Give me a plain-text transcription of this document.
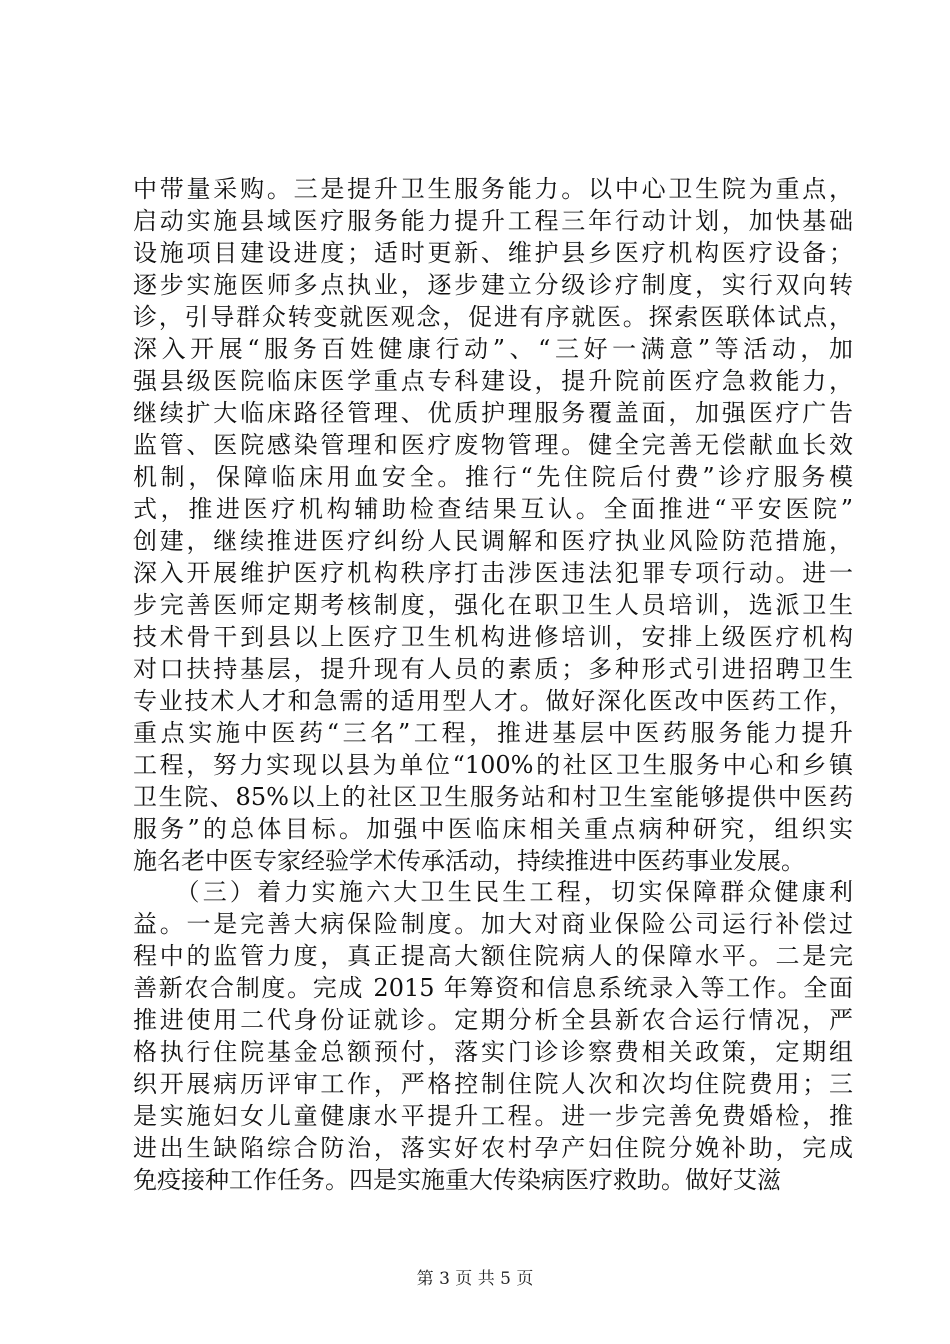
中带量采购。三是提升卫生服务能力。以中心卫生院为重点，
启动实施县域医疗服务能力提升工程三年行动计划，加快基础
设施项目建设进度；适时更新、维护县乡医疗机构医疗设备；
逐步实施医师多点执业，逐步建立分级诊疗制度，实行双向转
诊，引导群众转变就医观念，促进有序就医。探索医联体试点，
深入开展“服务百姓健康行动”、“三好一满意”等活动，加
强县级医院临床医学重点专科建设，提升院前医疗急救能力，
继续扩大临床路径管理、优质护理服务覆盖面，加强医疗广告
监管、医院感染管理和医疗废物管理。健全完善无偿献血长效
机制，保障临床用血安全。推行“先住院后付费”诊疗服务模
式，推进医疗机构辅助检查结果互认。全面推进“平安医院”
创建，继续推进医疗纠纷人民调解和医疗执业风险防范措施，
深入开展维护医疗机构秩序打击涉医违法犯罪专项行动。进一
步完善医师定期考核制度，强化在职卫生人员培训，选派卫生
技术骨干到县以上医疗卫生机构进修培训，安排上级医疗机构
对口扶持基层，提升现有人员的素质；多种形式引进招聘卫生
专业技术人才和急需的适用型人才。做好深化医改中医药工作，
重点实施中医药“三名”工程，推进基层中医药服务能力提升
工程，努力实现以县为单位“100%的社区卫生服务中心和乡镇
卫生院、85%以上的社区卫生服务站和村卫生室能够提供中医药
服务”的总体目标。加强中医临床相关重点病种研究，组织实
施名老中医专家经验学术传承活动，持续推进中医药事业发展。
　　（三）着力实施六大卫生民生工程，切实保障群众健康利
益。一是完善大病保险制度。加大对商业保险公司运行补偿过
程中的监管力度，真正提高大额住院病人的保障水平。二是完
善新农合制度。完成 2015 年筹资和信息系统录入等工作。全面
推进使用二代身份证就诊。定期分析全县新农合运行情况，严
格执行住院基金总额预付，落实门诊诊察费相关政策，定期组
织开展病历评审工作，严格控制住院人次和次均住院费用；三
是实施妇女儿童健康水平提升工程。进一步完善免费婚检，推
进出生缺陷综合防治，落实好农村孕产妇住院分娩补助，完成
免疫接种工作任务。四是实施重大传染病医疗救助。做好艾滋
第 3 页 共 5 页
